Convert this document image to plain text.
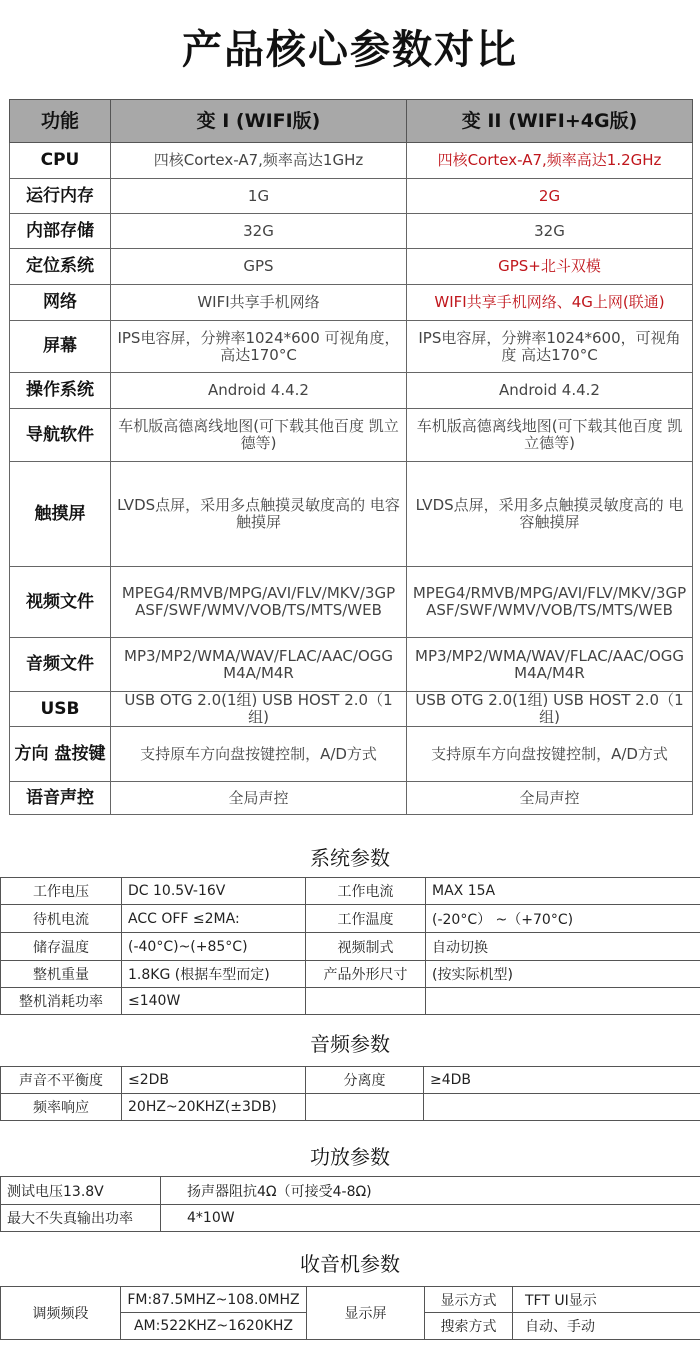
产品核心参数对比
功能	变 I (WIFI版)	变 II (WIFI+4G版)
CPU	四核Cortex-A7,频率高达1GHz	四核Cortex-A7,频率高达1.2GHz
运行内存	1G	2G
内部存储	32G	32G
定位系统	GPS	GPS+北斗双模
网络	WIFI共享手机网络	WIFI共享手机网络、4G上网(联通)
屏幕	IPS电容屏，分辨率1024*600 可视角度，高达170°C	IPS电容屏，分辨率1024*600，可视角度 高达170°C
操作系统	Android 4.4.2	Android 4.4.2
导航软件	车机版高德离线地图(可下载其他百度 凯立德等)	车机版高德离线地图(可下载其他百度 凯立德等)
触摸屏	LVDS点屏，采用多点触摸灵敏度高的 电容触摸屏	LVDS点屏，采用多点触摸灵敏度高的 电容触摸屏
视频文件	MPEG4/RMVB/MPG/AVI/FLV/MKV/3GP ASF/SWF/WMV/VOB/TS/MTS/WEB	MPEG4/RMVB/MPG/AVI/FLV/MKV/3GP ASF/SWF/WMV/VOB/TS/MTS/WEB
音频文件	MP3/MP2/WMA/WAV/FLAC/AAC/OGG M4A/M4R	MP3/MP2/WMA/WAV/FLAC/AAC/OGG M4A/M4R
USB	USB OTG 2.0(1组) USB HOST 2.0（1组)	USB OTG 2.0(1组) USB HOST 2.0（1组)
方向 盘按键	支持原车方向盘按键控制，A/D方式	支持原车方向盘按键控制，A/D方式
语音声控	全局声控	全局声控
系统参数
工作电压	DC 10.5V-16V	工作电流	MAX 15A
待机电流	ACC OFF ≤2MA:	工作温度	(-20°C） ~（+70°C)
储存温度	(-40°C)~(+85°C)	视频制式	自动切换
整机重量	1.8KG (根据车型而定)	产品外形尺寸	(按实际机型)
整机消耗功率	≤140W		
音频参数
声音不平衡度	≤2DB	分离度	≥4DB
频率响应	20HZ~20KHZ(±3DB)		
功放参数
测试电压13.8V	扬声器阻抗4Ω（可接受4-8Ω)
最大不失真输出功率	4*10W
收音机参数
调频频段	FM:87.5MHZ~108.0MHZ	显示屏	显示方式	TFT UI显示
	AM:522KHZ~1620KHZ		搜索方式	自动、手动
